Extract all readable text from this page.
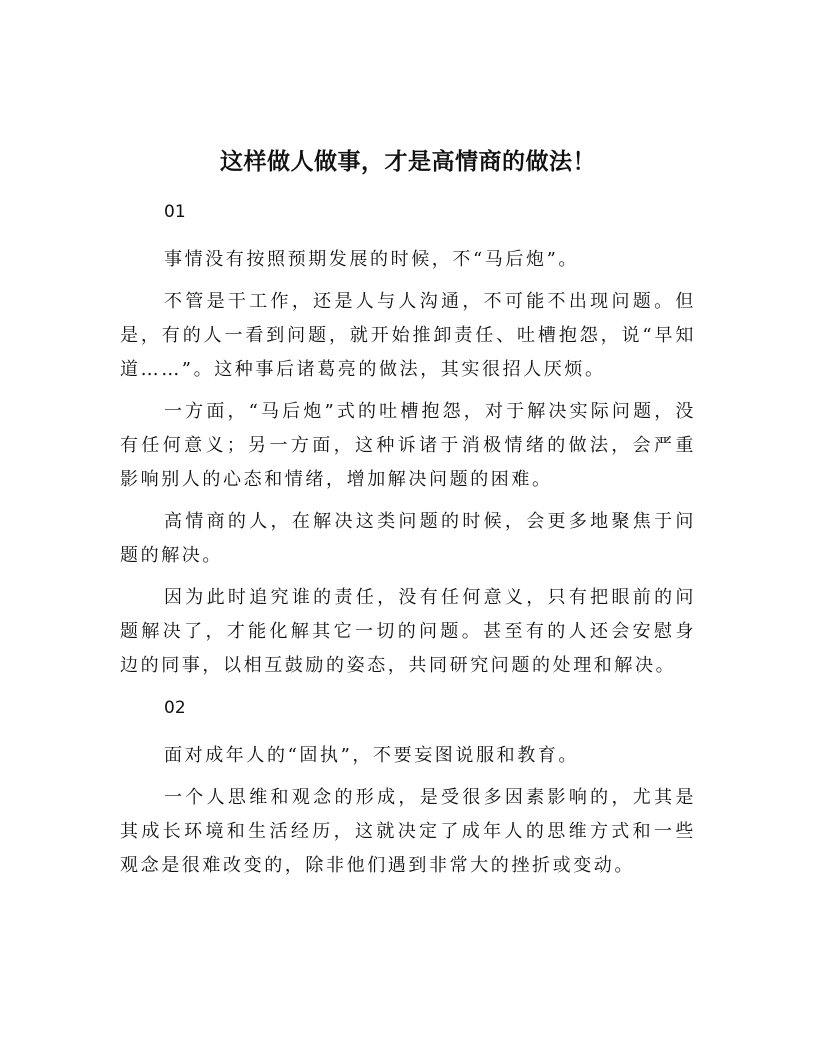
这样做人做事，才是高情商的做法！

01

事情没有按照预期发展的时候，不“马后炮”。

不管是干工作，还是人与人沟通，不可能不出现问题。但是，有的人一看到问题，就开始推卸责任、吐槽抱怨，说“早知道……”。这种事后诸葛亮的做法，其实很招人厌烦。

一方面，“马后炮”式的吐槽抱怨，对于解决实际问题，没有任何意义；另一方面，这种诉诸于消极情绪的做法，会严重影响别人的心态和情绪，增加解决问题的困难。

高情商的人，在解决这类问题的时候，会更多地聚焦于问题的解决。

因为此时追究谁的责任，没有任何意义，只有把眼前的问题解决了，才能化解其它一切的问题。甚至有的人还会安慰身边的同事，以相互鼓励的姿态，共同研究问题的处理和解决。

02

面对成年人的“固执”，不要妄图说服和教育。

一个人思维和观念的形成，是受很多因素影响的，尤其是其成长环境和生活经历，这就决定了成年人的思维方式和一些观念是很难改变的，除非他们遇到非常大的挫折或变动。
